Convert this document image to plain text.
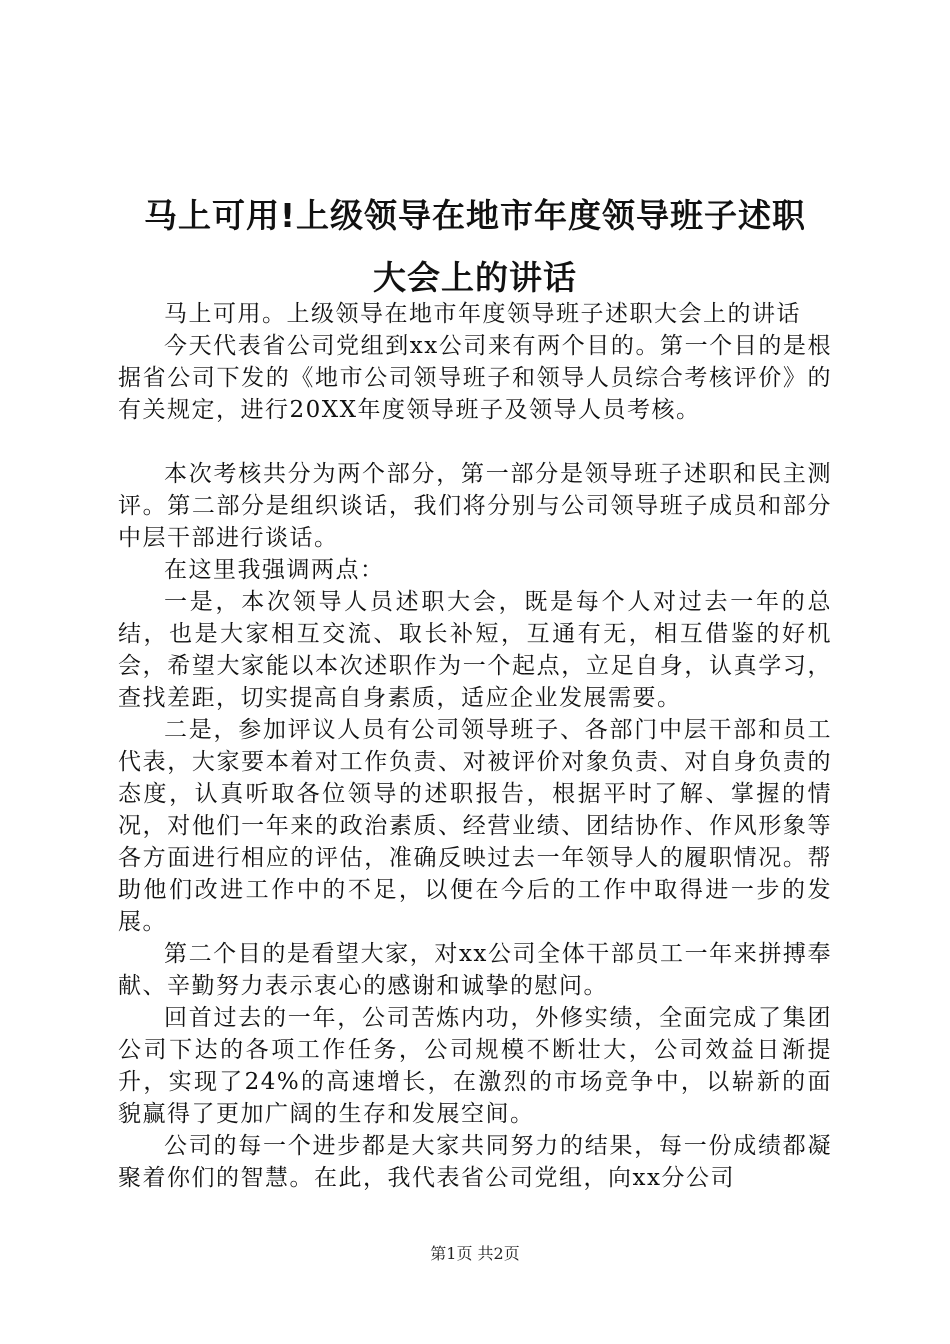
马上可用!上级领导在地市年度领导班子述职
大会上的讲话

马上可用。上级领导在地市年度领导班子述职大会上的讲话

今天代表省公司党组到xx公司来有两个目的。第一个目的是根据省公司下发的《地市公司领导班子和领导人员综合考核评价》的有关规定，进行20XX年度领导班子及领导人员考核。

本次考核共分为两个部分，第一部分是领导班子述职和民主测评。第二部分是组织谈话，我们将分别与公司领导班子成员和部分中层干部进行谈话。

在这里我强调两点：

一是，本次领导人员述职大会，既是每个人对过去一年的总结，也是大家相互交流、取长补短，互通有无，相互借鉴的好机会，希望大家能以本次述职作为一个起点，立足自身，认真学习，查找差距，切实提高自身素质，适应企业发展需要。

二是，参加评议人员有公司领导班子、各部门中层干部和员工代表，大家要本着对工作负责、对被评价对象负责、对自身负责的态度，认真听取各位领导的述职报告，根据平时了解、掌握的情况，对他们一年来的政治素质、经营业绩、团结协作、作风形象等各方面进行相应的评估，准确反映过去一年领导人的履职情况。帮助他们改进工作中的不足，以便在今后的工作中取得进一步的发展。

第二个目的是看望大家，对xx公司全体干部员工一年来拼搏奉献、辛勤努力表示衷心的感谢和诚挚的慰问。

回首过去的一年，公司苦炼内功，外修实绩，全面完成了集团公司下达的各项工作任务，公司规模不断壮大，公司效益日渐提升，实现了24%的高速增长，在激烈的市场竞争中，以崭新的面貌赢得了更加广阔的生存和发展空间。

公司的每一个进步都是大家共同努力的结果，每一份成绩都凝聚着你们的智慧。在此，我代表省公司党组，向xx分公司

第1页 共2页
